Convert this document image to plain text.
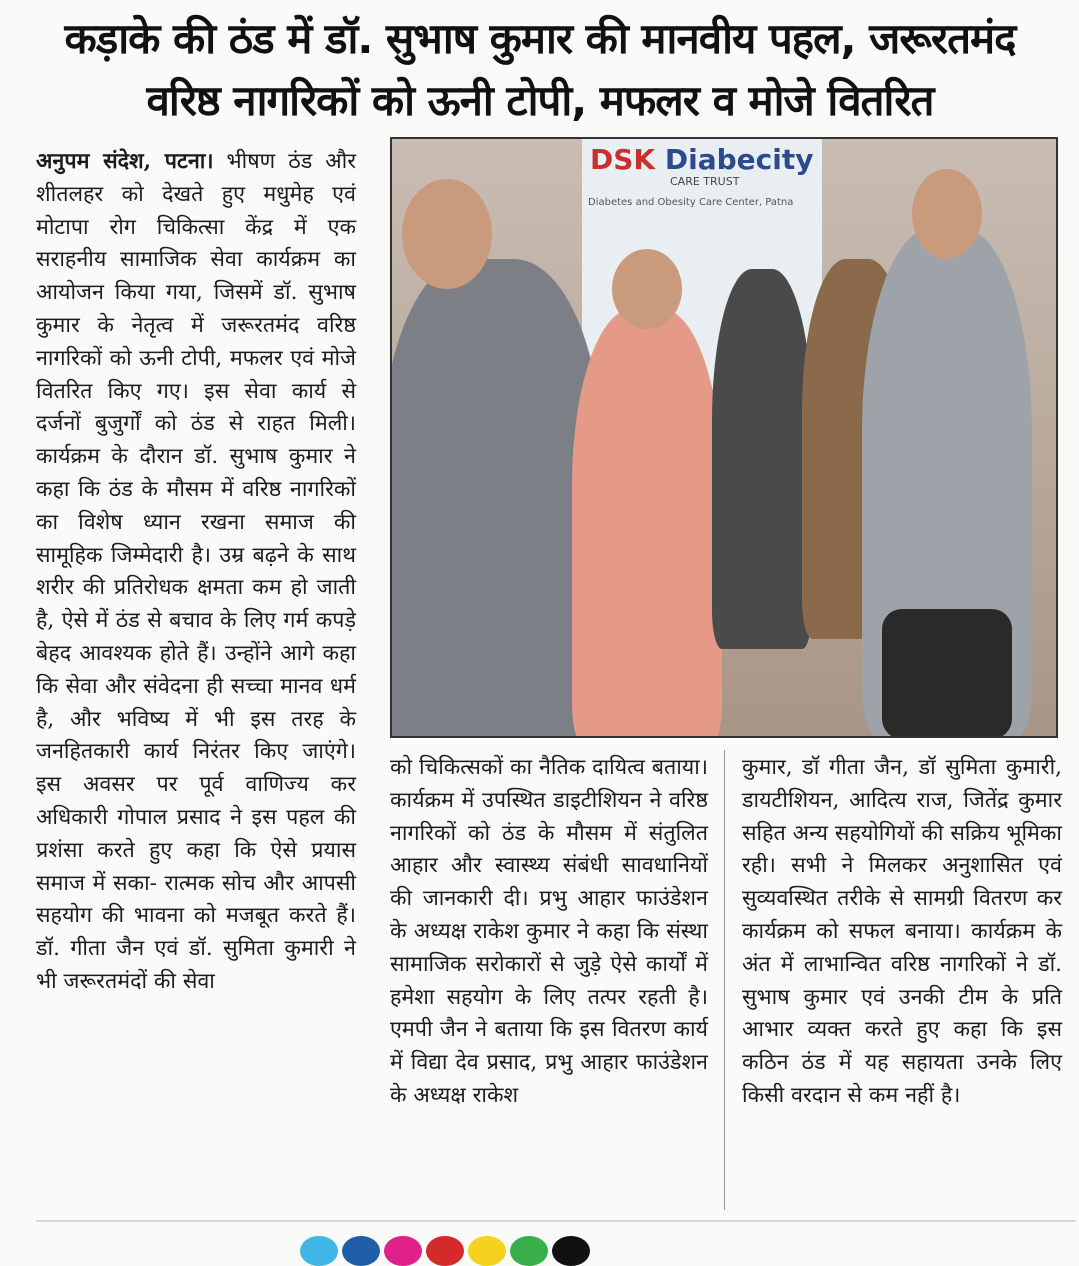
कड़ाके की ठंड में डॉ. सुभाष कुमार की मानवीय पहल, जरूरतमंद
वरिष्ठ नागरिकों को ऊनी टोपी, मफलर व मोजे वितरित

अनुपम संदेश, पटना। भीषण ठंड और शीतलहर को देखते हुए मधुमेह एवं मोटापा रोग चिकित्सा केंद्र में एक सराहनीय सामाजिक सेवा कार्यक्रम का आयोजन किया गया, जिसमें डॉ. सुभाष कुमार के नेतृत्व में जरूरतमंद वरिष्ठ नागरिकों को ऊनी टोपी, मफलर एवं मोजे वितरित किए गए। इस सेवा कार्य से दर्जनों बुजुर्गों को ठंड से राहत मिली। कार्यक्रम के दौरान डॉ. सुभाष कुमार ने कहा कि ठंड के मौसम में वरिष्ठ नागरिकों का विशेष ध्यान रखना समाज की सामूहिक जिम्मेदारी है। उम्र बढ़ने के साथ शरीर की प्रतिरोधक क्षमता कम हो जाती है, ऐसे में ठंड से बचाव के लिए गर्म कपड़े बेहद आवश्यक होते हैं। उन्होंने आगे कहा कि सेवा और संवेदना ही सच्चा मानव धर्म है, और भविष्य में भी इस तरह के जनहितकारी कार्य निरंतर किए जाएंगे। इस अवसर पर पूर्व वाणिज्य कर अधिकारी गोपाल प्रसाद ने इस पहल की प्रशंसा करते हुए कहा कि ऐसे प्रयास समाज में सका- रात्मक सोच और आपसी सहयोग की भावना को मजबूत करते हैं। डॉ. गीता जैन एवं डॉ. सुमिता कुमारी ने भी जरूरतमंदों की सेवा

DSK Diabecity
CARE TRUST
Diabetes and Obesity Care Center, Patna

को चिकित्सकों का नैतिक दायित्व बताया। कार्यक्रम में उपस्थित डाइटीशियन ने वरिष्ठ नागरिकों को ठंड के मौसम में संतुलित आहार और स्वास्थ्य संबंधी सावधानियों की जानकारी दी। प्रभु आहार फाउंडेशन के अध्यक्ष राकेश कुमार ने कहा कि संस्था सामाजिक सरोकारों से जुड़े ऐसे कार्यों में हमेशा सहयोग के लिए तत्पर रहती है। एमपी जैन ने बताया कि इस वितरण कार्य में विद्या देव प्रसाद, प्रभु आहार फाउंडेशन के अध्यक्ष राकेश

कुमार, डॉ गीता जैन, डॉ सुमिता कुमारी, डायटीशियन, आदित्य राज, जितेंद्र कुमार सहित अन्य सहयोगियों की सक्रिय भूमिका रही। सभी ने मिलकर अनुशासित एवं सुव्यवस्थित तरीके से सामग्री वितरण कर कार्यक्रम को सफल बनाया। कार्यक्रम के अंत में लाभान्वित वरिष्ठ नागरिकों ने डॉ. सुभाष कुमार एवं उनकी टीम के प्रति आभार व्यक्त करते हुए कहा कि इस कठिन ठंड में यह सहायता उनके लिए किसी वरदान से कम नहीं है।
